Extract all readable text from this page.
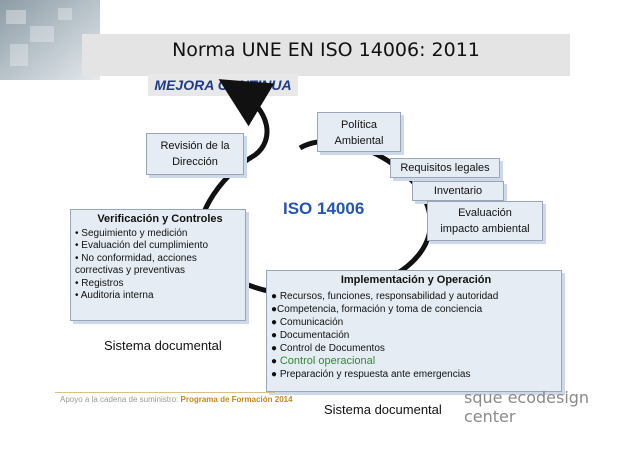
Norma UNE EN ISO 14006: 2011
MEJORA CONTINUA
Revisión de la
Dirección
Política
Ambiental
Requisitos legales
Inventario
Evaluación
impacto ambiental
ISO 14006
Verificación y Controles
• Seguimiento y medición
• Evaluación del cumplimiento
• No conformidad, acciones
correctivas y preventivas
• Registros
• Auditoria interna
Implementación y Operación
● Recursos, funciones, responsabilidad y autoridad
●Competencia, formación y toma de conciencia
● Comunicación
● Documentación
● Control de Documentos
● Control operacional
● Preparación y respuesta ante emergencias
Sistema documental
Sistema documental
Apoyo a la cadena de suministro: Programa de Formación 2014	sque ecodesign center
